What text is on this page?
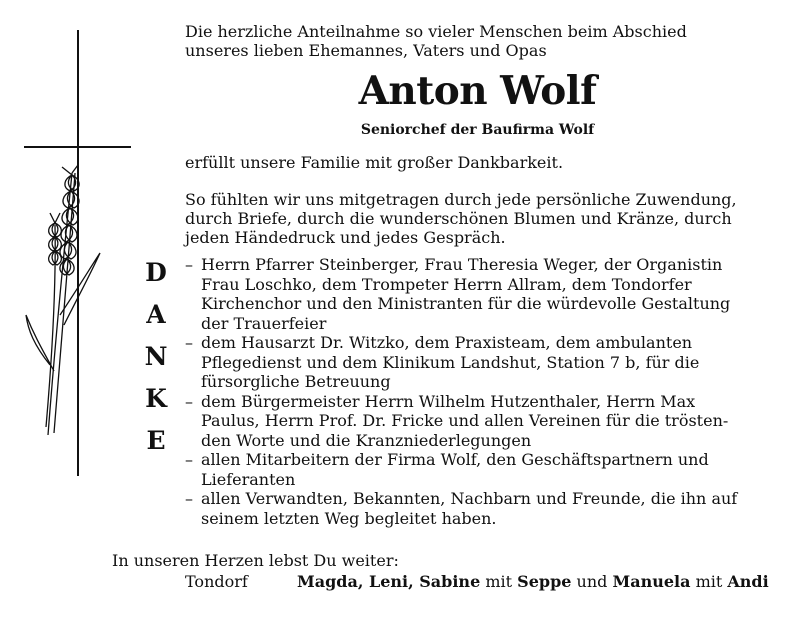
D
A
N
K
E
Die herzliche Anteilnahme so vieler Menschen beim Abschied
unseres lieben Ehemannes, Vaters und Opas
Anton Wolf
Seniorchef der Baufirma Wolf
erfüllt unsere Familie mit großer Dankbarkeit.
So fühlten wir uns mitgetragen durch jede persönliche Zuwendung,
durch Briefe, durch die wunderschönen Blumen und Kränze, durch
jeden Händedruck und jedes Gespräch.
– Herrn Pfarrer Steinberger, Frau Theresia Weger, der Organistin
Frau Loschko, dem Trompeter Herrn Allram, dem Tondorfer
Kirchenchor und den Ministranten für die würdevolle Gestaltung
der Trauerfeier
– dem Hausarzt Dr. Witzko, dem Praxisteam, dem ambulanten
Pflegedienst und dem Klinikum Landshut, Station 7 b, für die
fürsorgliche Betreuung
– dem Bürgermeister Herrn Wilhelm Hutzenthaler, Herrn Max
Paulus, Herrn Prof. Dr. Fricke und allen Vereinen für die trösten-
den Worte und die Kranzniederlegungen
– allen Mitarbeitern der Firma Wolf, den Geschäftspartnern und
Lieferanten
– allen Verwandten, Bekannten, Nachbarn und Freunde, die ihn auf
seinem letzten Weg begleitet haben.
In unseren Herzen lebst Du weiter:
Tondorf	Magda, Leni, Sabine mit Seppe und Manuela mit Andi
